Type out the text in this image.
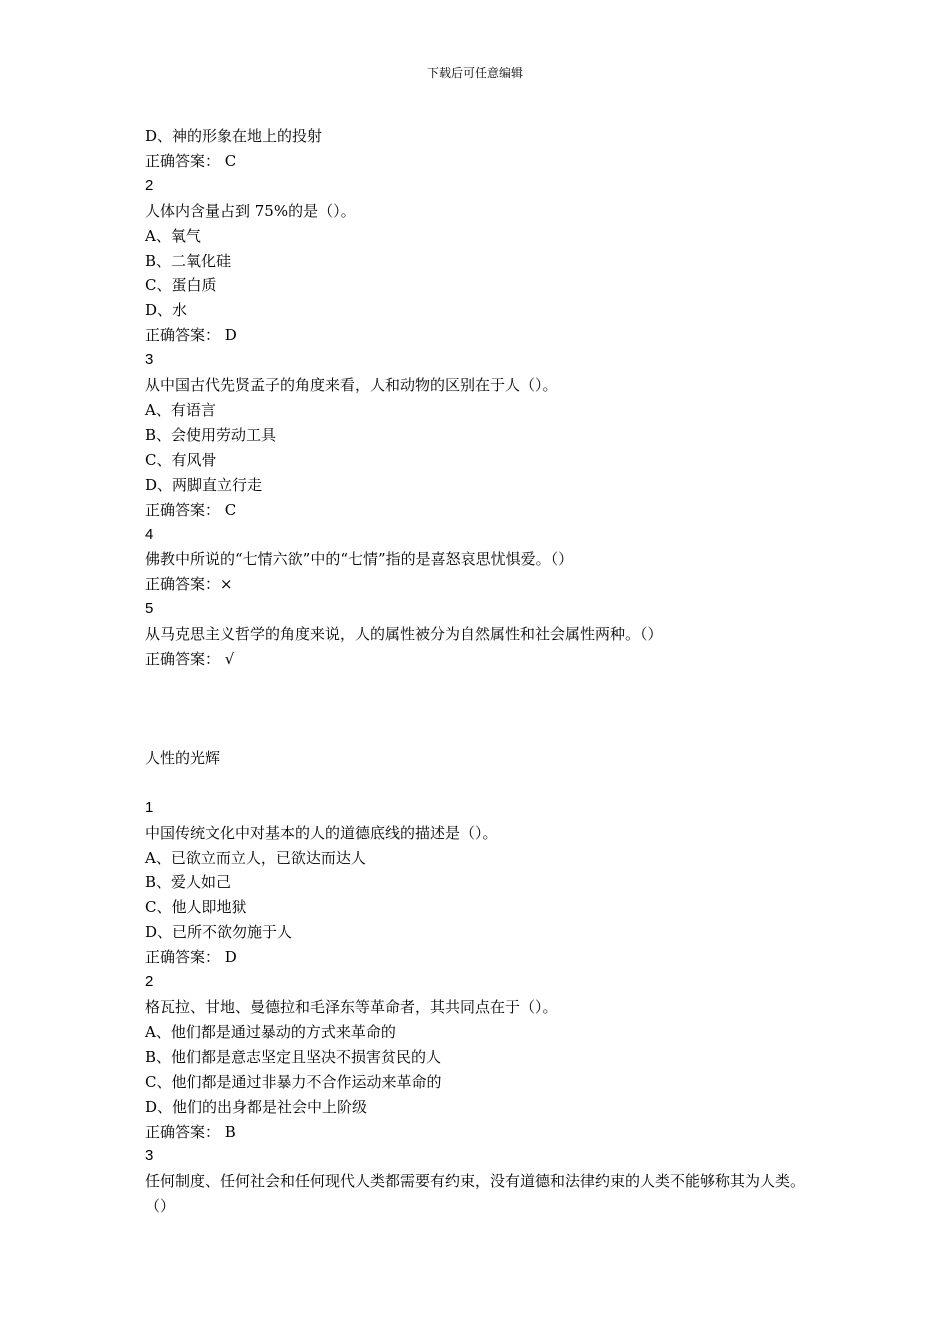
下载后可任意编辑

D、神的形象在地上的投射

正确答案： C

2

人体内含量占到 75%的是（）。

A、氧气

B、二氧化硅

C、蛋白质

D、水

正确答案： D

3

从中国古代先贤孟子的角度来看，人和动物的区别在于人（）。

A、有语言

B、会使用劳动工具

C、有风骨

D、两脚直立行走

正确答案： C

4

佛教中所说的“七情六欲”中的“七情”指的是喜怒哀思忧惧爱。（）

正确答案：×

5

从马克思主义哲学的角度来说，人的属性被分为自然属性和社会属性两种。（）

正确答案： √

人性的光辉

1

中国传统文化中对基本的人的道德底线的描述是（）。

A、已欲立而立人，已欲达而达人

B、爱人如己

C、他人即地狱

D、已所不欲勿施于人

正确答案： D

2

格瓦拉、甘地、曼德拉和毛泽东等革命者，其共同点在于（）。

A、他们都是通过暴动的方式来革命的

B、他们都是意志坚定且坚决不损害贫民的人

C、他们都是通过非暴力不合作运动来革命的

D、他们的出身都是社会中上阶级

正确答案： B

3

任何制度、任何社会和任何现代人类都需要有约束，没有道德和法律约束的人类不能够称其为人类。（）
